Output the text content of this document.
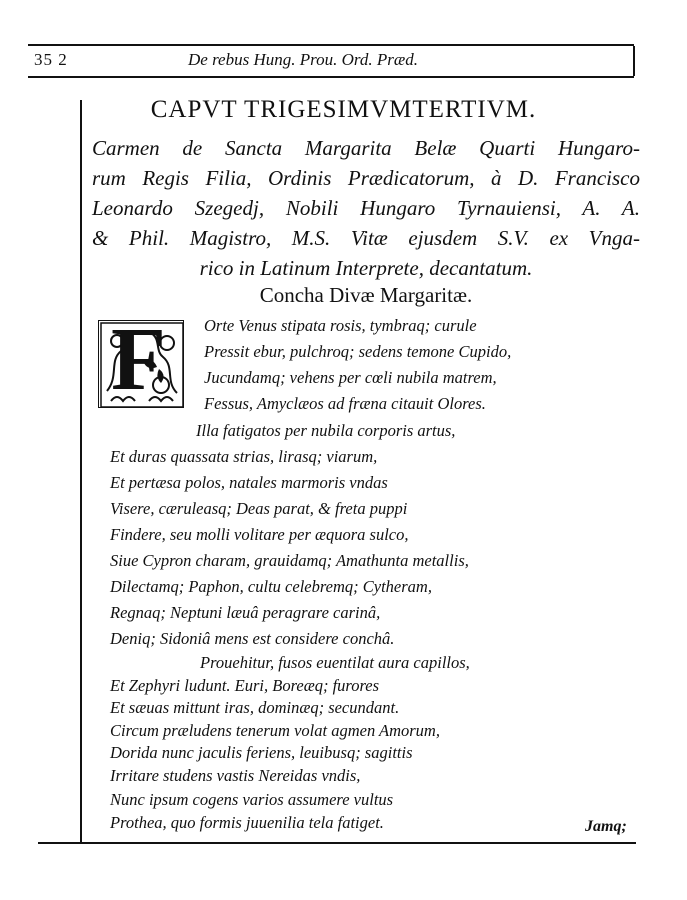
35 2	De rebus Hung. Prou. Ord. Præd.
CAPVT TRIGESIMVMTERTIVM.
Carmen de Sancta Margarita Belæ Quarti Hungaro-
rum Regis Filia, Ordinis Prædicatorum, à D. Francisco
Leonardo Szegedj, Nobili Hungaro Tyrnauiensi, A. A.
& Phil. Magistro, M.S. Vitæ ejusdem S.V. ex Vnga-
rico in Latinum Interprete, decantatum.
Concha Divæ Margaritæ.
F Orte Venus stipata rosis, tymbraq; curule
Pressit ebur, pulchroq; sedens temone Cupido,
Jucundamq; vehens per cœli nubila matrem,
Fessus, Amyclæos ad fræna citauit Olores.
Illa fatigatos per nubila corporis artus,
Et duras quassata strias, lirasq; viarum,
Et pertæsa polos, natales marmoris vndas
Visere, cæruleasq; Deas parat, & freta puppi
Findere, seu molli volitare per æquora sulco,
Siue Cypron charam, grauidamq; Amathunta metallis,
Dilectamq; Paphon, cultu celebremq; Cytheram,
Regnaq; Neptuni læuâ peragrare carinâ,
Deniq; Sidoniâ mens est considere conchâ.
Prouehitur, fusos euentilat aura capillos,
Et Zephyri ludunt. Euri, Boreæq; furores
Et sæuas mittunt iras, dominæq; secundant.
Circum præludens tenerum volat agmen Amorum,
Dorida nunc jaculis feriens, leuibusq; sagittis
Irritare studens vastis Nereidas vndis,
Nunc ipsum cogens varios assumere vultus
Prothea, quo formis juuenilia tela fatiget.	Jamq;
